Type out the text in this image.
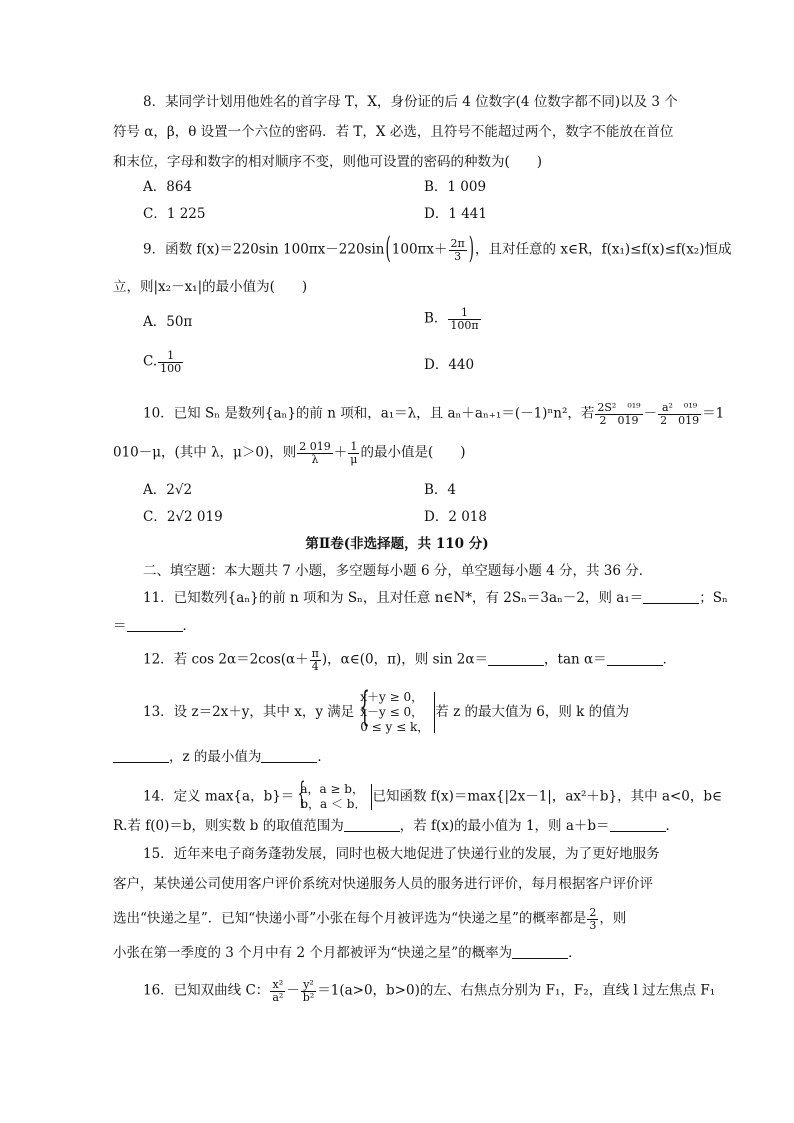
8．某同学计划用他姓名的首字母 T，X，身份证的后 4 位数字(4 位数字都不同)以及 3 个
符号 α，β，θ 设置一个六位的密码．若 T，X 必选，且符号不能超过两个，数字不能放在首位
和末位，字母和数字的相对顺序不变，则他可设置的密码的种数为(　　)
A．864	B．1 009
C．1 225	D．1 441
9．函数 f(x)＝220sin $100\pi x-220\sin(100\pi x+ \frac{2\pi}{3}$ )，且对任意的 x∈R，f(x₁)≤f(x)≤f(x₂)恒成
立，则|x₂－x₁|的最小值为(　　)
A．50π	B． $\frac{1}{100\pi}$
C. $\frac{1}{100}$	D．440
10．已知 Sₙ 是数列{aₙ}的前 n 项和，a₁＝λ，且 aₙ＋aₙ₊₁＝(－1)ⁿn²，若 $\frac{\text{2S²　⁰¹⁹}}{2 019} - \frac{\text{a²　⁰¹⁹}}{2 019} =1$
010－μ，(其中 λ，μ＞0)，则 $\frac{2 019}{\lambda} + \frac{1}{\mu}$ 的最小值是(　　)
A．2√2	B．4
C．2√2 019	D．2 018
第Ⅱ卷(非选择题，共 110 分)
二、填空题：本大题共 7 小题，多空题每小题 6 分，单空题每小题 4 分，共 36 分．
11．已知数列{aₙ}的前 n 项和为 Sₙ，且对任意 n∈N*，有 2Sₙ＝3aₙ－2，则 a₁＝	；Sₙ
＝	．
12．若 $\cos 2\alpha=2\cos(\alpha+ \frac{\pi}{4}$ )，α∈(0，π)，则 sin 2α＝	，tan α＝	．
13．设 z＝2x＋y，其中 x，y 满足 {
x＋y ≥ 0，
x－y ≤ 0，
0 ≤ y ≤ k，
若 z 的最大值为 6，则 k 的值为
，z 的最小值为	．
14．定义 max{a，b}＝ {
a，a ≥ b，
b，a ＜ b． 已知函数 f(x)＝max{|2x－1|，ax²＋b}，其中 a<0，b∈
R.若 f(0)＝b，则实数 b 的取值范围为	，若 f(x)的最小值为 1，则 a＋b＝	．
15．近年来电子商务蓬勃发展，同时也极大地促进了快递行业的发展，为了更好地服务
客户，某快递公司使用客户评价系统对快递服务人员的服务进行评价，每月根据客户评价评
选出“快递之星”．已知“快递小哥”小张在每个月被评选为“快递之星”的概率都是 $\frac{2}{3}$ ，则
小张在第一季度的 3 个月中有 2 个月都被评为“快递之星”的概率为	．
16．已知双曲线 C： $\frac{\text{x²}}{\text{a²}} - \frac{\text{y²}}{\text{b²}} =1(a>0$，b>0)的左、右焦点分别为 F₁，F₂，直线 l 过左焦点 F₁
